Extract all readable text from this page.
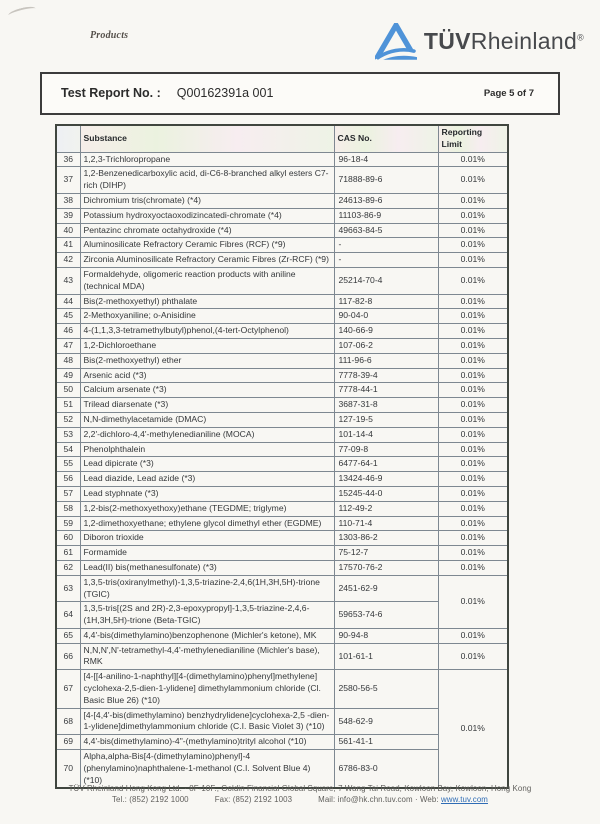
Products	TÜVRheinland®
Test Report No. : Q00162391a 001	Page 5 of 7
	Substance	CAS No.	Reporting Limit
36	1,2,3-Trichloropropane	96-18-4	0.01%
37	1,2-Benzenedicarboxylic acid, di-C6-8-branched alkyl esters C7-rich (DIHP)	71888-89-6	0.01%
38	Dichromium tris(chromate) (*4)	24613-89-6	0.01%
39	Potassium hydroxyoctaoxodizincatedi-chromate (*4)	11103-86-9	0.01%
40	Pentazinc chromate octahydroxide (*4)	49663-84-5	0.01%
41	Aluminosilicate Refractory Ceramic Fibres (RCF) (*9)	-	0.01%
42	Zirconia Aluminosilicate Refractory Ceramic Fibres (Zr-RCF) (*9)	-	0.01%
43	Formaldehyde, oligomeric reaction products with aniline (technical MDA)	25214-70-4	0.01%
44	Bis(2-methoxyethyl) phthalate	117-82-8	0.01%
45	2-Methoxyaniline; o-Anisidine	90-04-0	0.01%
46	4-(1,1,3,3-tetramethylbutyl)phenol,(4-tert-Octylphenol)	140-66-9	0.01%
47	1,2-Dichloroethane	107-06-2	0.01%
48	Bis(2-methoxyethyl) ether	111-96-6	0.01%
49	Arsenic acid (*3)	7778-39-4	0.01%
50	Calcium arsenate (*3)	7778-44-1	0.01%
51	Trilead diarsenate (*3)	3687-31-8	0.01%
52	N,N-dimethylacetamide (DMAC)	127-19-5	0.01%
53	2,2'-dichloro-4,4'-methylenedianiline (MOCA)	101-14-4	0.01%
54	Phenolphthalein	77-09-8	0.01%
55	Lead dipicrate (*3)	6477-64-1	0.01%
56	Lead diazide, Lead azide (*3)	13424-46-9	0.01%
57	Lead styphnate (*3)	15245-44-0	0.01%
58	1,2-bis(2-methoxyethoxy)ethane (TEGDME; triglyme)	112-49-2	0.01%
59	1,2-dimethoxyethane; ethylene glycol dimethyl ether (EGDME)	110-71-4	0.01%
60	Diboron trioxide	1303-86-2	0.01%
61	Formamide	75-12-7	0.01%
62	Lead(II) bis(methanesulfonate) (*3)	17570-76-2	0.01%
63	1,3,5-tris(oxiranylmethyl)-1,3,5-triazine-2,4,6(1H,3H,5H)-trione (TGIC)	2451-62-9	0.01%
64	1,3,5-tris[(2S and 2R)-2,3-epoxypropyl]-1,3,5-triazine-2,4,6-(1H,3H,5H)-trione (Beta-TGIC)	59653-74-6	
65	4,4'-bis(dimethylamino)benzophenone (Michler's ketone), MK	90-94-8	0.01%
66	N,N,N',N'-tetramethyl-4,4'-methylenedianiline (Michler's base), RMK	101-61-1	0.01%
67	[4-[[4-anilino-1-naphthyl][4-(dimethylamino)phenyl]methylene] cyclohexa-2,5-dien-1-ylidene] dimethylammonium chloride (Cl. Basic Blue 26) (*10)	2580-56-5	0.01%
68	[4-[4,4'-bis(dimethylamino) benzhydrylidene]cyclohexa-2,5 -dien-1-ylidene]dimethylammonium chloride (C.I. Basic Violet 3) (*10)	548-62-9	
69	4,4'-bis(dimethylamino)-4"-(methylamino)trityl alcohol (*10)	561-41-1	
70	Alpha,alpha-Bis[4-(dimethylamino)phenyl]-4 (phenylamino)naphthalene-1-methanol (C.I. Solvent Blue 4) (*10)	6786-83-0	
TÜV Rheinland Hong Kong Ltd. · 8F-10F., Goldin Financial Global Square, 7 Wang Tai Road, Kowloon Bay, Kowloon, Hong Kong
Tel.: (852) 2192 1000	Fax: (852) 2192 1003	Mail: info@hk.chn.tuv.com · Web: www.tuv.com
